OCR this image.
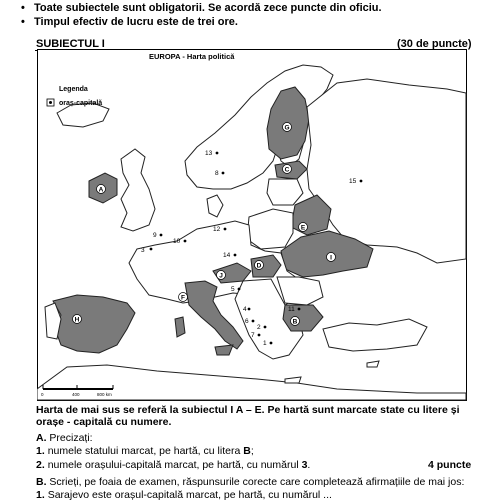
• Toate subiectele sunt obligatorii. Se acordă zece puncte din oficiu.
• Timpul efectiv de lucru este de trei ore.
SUBIECTUL I	(30 de puncte)
EUROPA - Harta politică
Legenda
oraș-capitală
0	400	800 km
G
C
A
E
I
J
F
D
H	B
1
2
3
4
5
6
7
8
9
10
11
12
13
14
15
Harta de mai sus se referă la subiectul I A – E. Pe hartă sunt marcate state cu litere și orașe - capitală cu numere.
A. Precizați:
1. numele statului marcat, pe hartă, cu litera B;
2. numele orașului-capitală marcat, pe hartă, cu numărul 3.	4 puncte
B. Scrieți, pe foaia de examen, răspunsurile corecte care completează afirmațiile de mai jos:
1. Sarajevo este orașul-capitală marcat, pe hartă, cu numărul ...
